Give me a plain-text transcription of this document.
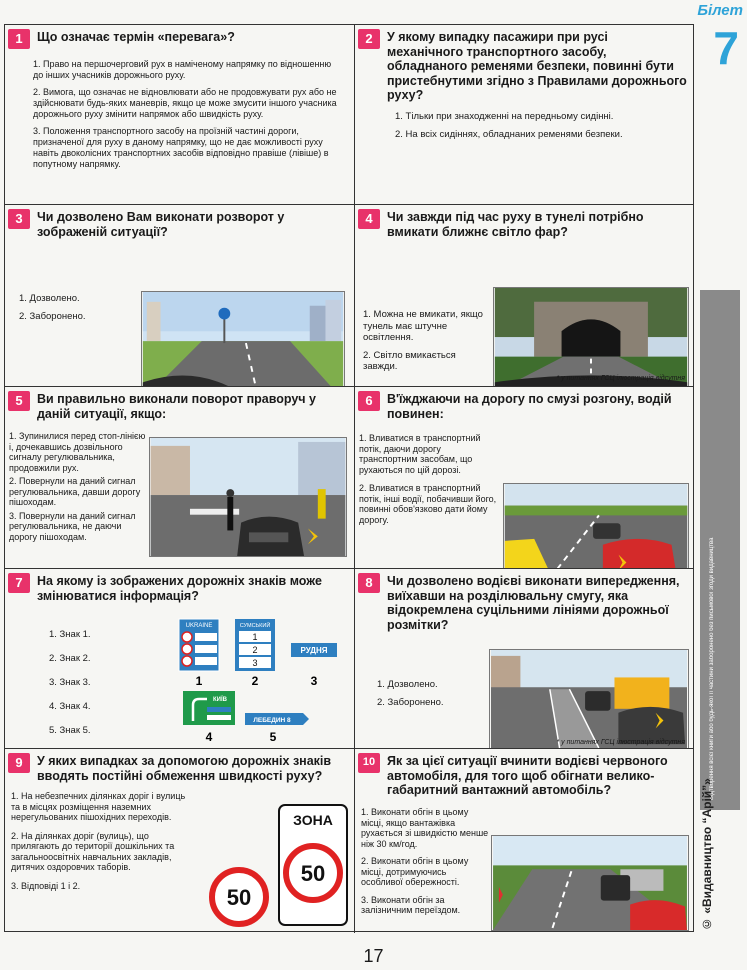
Білет
7
1	Що означає термін «перевага»?
1. Право на першочерговий рух в наміченому напрямку по відношенню до інших учасників дорожнього руху.
2. Вимога, що означає не відновлювати або не продовжувати рух або не здійснювати будь-яких маневрів, якщо це може змусити іншого учасника дорожнього руху змінити напрямок або швидкість руху.
3. Положення транспортного засобу на проїзній частині дороги, призначеної для руху в даному напрямку, що не дає можливості руху навіть двоколісних транспортних засобів відповідно правіше (лівіше) в попутному напрямку.
2	У якому випадку пасажири при русі механічного транспортного засобу, обладнаного ременями безпеки, повинні бути пристебнутими згідно з Правилами дорожнього руху?
1. Тільки при знаходженні на передньому сидінні.
2. На всіх сидіннях, обладнаних ременями безпеки.
3	Чи дозволено Вам виконати розворот у зображеній ситуації?
1. Дозволено.
2. Заборонено.
4	Чи завжди під час руху в тунелі потрібно вмикати ближнє світло фар?
1. Можна не вмикати, якщо тунель має штучне освітлення.
2. Світло вмикається завжди.
* у питаннях ГСЦ ілюстрація відсутня
5	Ви правильно виконали поворот праворуч у даній ситуації, якщо:
1. Зупинилися перед стоп-лінією і, дочекавшись дозвільного сигналу регулювальника, продовжили рух.
2. Повернули на даний сигнал регулювальника, давши дорогу пішоходам.
3. Повернули на даний сигнал регулювальника, не даючи дорогу пішоходам.
6	В'їжджаючи на дорогу по смузі розгону, водій повинен:
1. Вливатися в транспортний потік, даючи дорогу транспортним засобам, що рухаються по цій дорозі.
2. Вливатися в транспортний потік, інші водії, побачивши його, повинні обов'язково дати йому дорогу.
7	На якому із зображених дорожніх знаків може змінюватися інформація?
1. Знак 1.
2. Знак 2.
3. Знак 3.
4. Знак 4.
5. Знак 5.
UKRAINE	СУМСЬКИЙ
1
2
3
РУДНЯ
1	2	3
КИЇВ
ЛЕБЕДИН 8
4	5
8	Чи дозволено водієві виконати випередження, виїхавши на розділювальну смугу, яка відокремлена суцільними лініями дорожньої розмітки?
1. Дозволено.
2. Заборонено.
* у питаннях ГСЦ ілюстрація відсутня
9	У яких випадках за допомогою дорожніх знаків вводять постійні обмеження швидкості руху?
1. На небезпечних ділянках доріг і вулиць та в місцях розміщення наземних нерегульованих пішохідних переходів.
2. На ділянках доріг (вулиць), що прилягають до території дошкільних та загальноосвітніх навчальних закладів, дитячих оздоровчих таборів.
3. Відповіді 1 і 2.	50
ЗОНА
50
10 Як за цієї ситуації вчинити водієві червоного автомобіля, для того щоб обігнати велико-габаритний вантажний автомобіль?
1. Виконати обгін в цьому місці, якщо вантажівка рухається зі швидкістю менше ніж 30 км/год.
2. Виконати обгін в цьому місці, дотримуючись особливої обережності.
3. Виконати обгін за залізничним переїздом.
Відтворення всієї книги або будь-якої її частини заборонено без письмової згоди видавництва
© «Видавництво “Арій”»
17
